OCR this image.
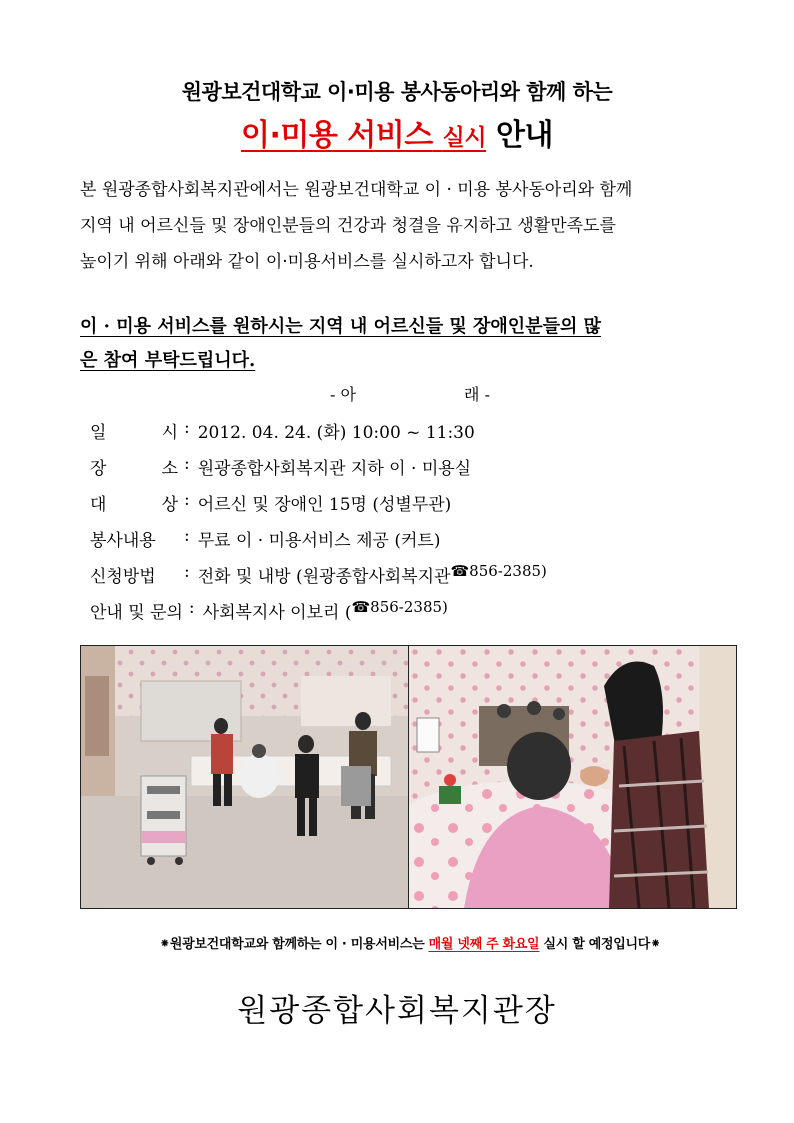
원광보건대학교 이·미용 봉사동아리와 함께 하는
이·미용 서비스 실시 안내

본 원광종합사회복지관에서는 원광보건대학교 이 · 미용 봉사동아리와 함께

지역 내 어르신들 및 장애인분들의 건강과 청결을 유지하고 생활만족도를

높이기 위해 아래와 같이 이·미용서비스를 실시하고자 합니다.

이 · 미용 서비스를 원하시는 지역 내 어르신들 및 장애인분들의 많
은 참여 부탁드립니다.
- 아	래 -
일 시 : 2012. 04. 24. (화) 10:00 ~ 11:30
장 소 : 원광종합사회복지관 지하 이 · 미용실
대 상 : 어르신 및 장애인 15명 (성별무관)
봉사내용	: 무료 이 · 미용서비스 제공 (커트)
신청방법	: 전화 및 내방 (원광종합사회복지관 ☎856-2385)
안내 및 문의 : 사회복지사 이보리 ( ☎856-2385)
⁕원광보건대학교와 함께하는 이 · 미용서비스는 매월 넷째 주 화요일 실시 할 예정입니다⁕
원광종합사회복지관장
